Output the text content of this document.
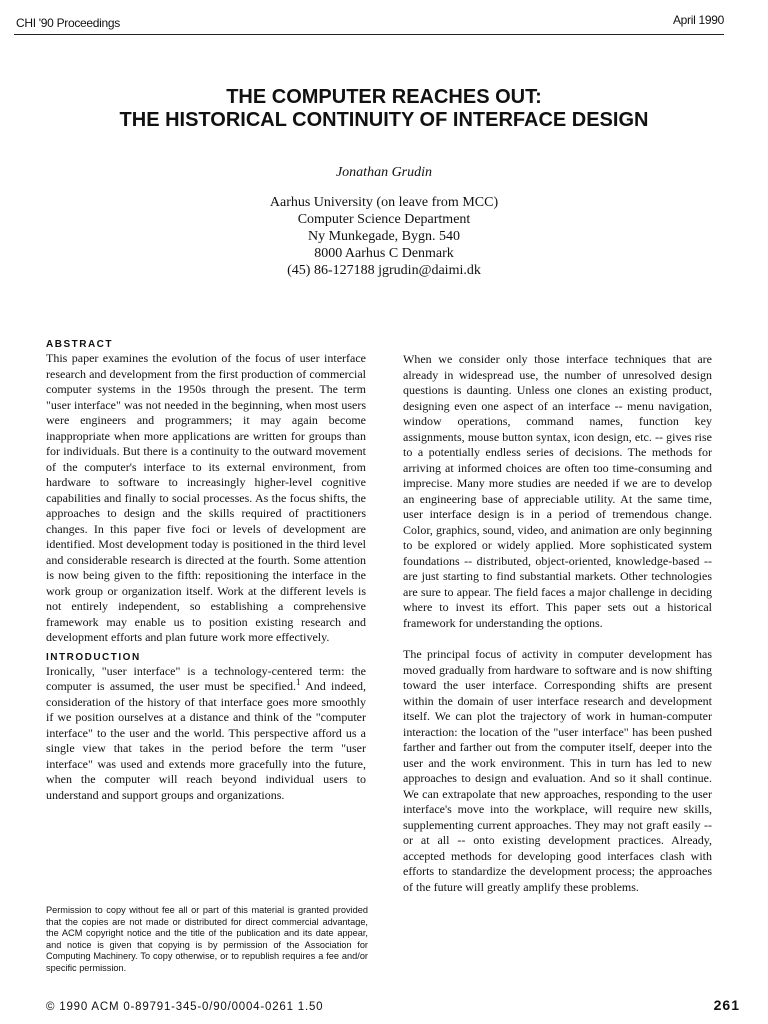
CHI '90 Proceedings	April 1990
THE COMPUTER REACHES OUT:
THE HISTORICAL CONTINUITY OF INTERFACE DESIGN
Jonathan Grudin
Aarhus University (on leave from MCC)
Computer Science Department
Ny Munkegade, Bygn. 540
8000 Aarhus C Denmark
(45) 86-127188 jgrudin@daimi.dk
ABSTRACT

This paper examines the evolution of the focus of user interface research and development from the first production of commercial computer systems in the 1950s through the present. The term "user interface" was not needed in the beginning, when most users were engineers and programmers; it may again become inappropriate when more applications are written for groups than for individuals. But there is a continuity to the outward movement of the computer's interface to its external environment, from hardware to software to increasingly higher-level cognitive capabilities and finally to social processes. As the focus shifts, the approaches to design and the skills required of practitioners changes. In this paper five foci or levels of development are identified. Most development today is positioned in the third level and considerable research is directed at the fourth. Some attention is now being given to the fifth: repositioning the interface in the work group or organization itself. Work at the different levels is not entirely independent, so establishing a comprehensive framework may enable us to position existing research and development efforts and plan future work more effectively.

INTRODUCTION

Ironically, "user interface" is a technology-centered term: the computer is assumed, the user must be specified.$^1$ And indeed, consideration of the history of that interface goes more smoothly if we position ourselves at a distance and think of the "computer interface" to the user and the world. This perspective afford us a single view that takes in the period before the term "user interface" was used and extends more gracefully into the future, when the computer will reach beyond individual users to understand and support groups and organizations.

When we consider only those interface techniques that are already in widespread use, the number of unresolved design questions is daunting. Unless one clones an existing product, designing even one aspect of an interface -- menu navigation, window operations, command names, function key assignments, mouse button syntax, icon design, etc. -- gives rise to a potentially endless series of decisions. The methods for arriving at informed choices are often too time-consuming and imprecise. Many more studies are needed if we are to develop an engineering base of appreciable utility. At the same time, user interface design is in a period of tremendous change. Color, graphics, sound, video, and animation are only beginning to be explored or widely applied. More sophisticated system foundations -- distributed, object-oriented, knowledge-based -- are just starting to find substantial markets. Other technologies are sure to appear. The field faces a major challenge in deciding where to invest its effort. This paper sets out a historical framework for understanding the options.

The principal focus of activity in computer development has moved gradually from hardware to software and is now shifting toward the user interface. Corresponding shifts are present within the domain of user interface research and development itself. We can plot the trajectory of work in human-computer interaction: the location of the "user interface" has been pushed farther and farther out from the computer itself, deeper into the user and the work environment. This in turn has led to new approaches to design and evaluation. And so it shall continue. We can extrapolate that new approaches, responding to the user interface's move into the workplace, will require new skills, supplementing current approaches. They may not graft easily -- or at all -- onto existing development practices. Already, accepted methods for developing good interfaces clash with efforts to standardize the development process; the approaches of the future will greatly amplify these problems.

Permission to copy without fee all or part of this material is granted provided that the copies are not made or distributed for direct commercial advantage, the ACM copyright notice and the title of the publication and its date appear, and notice is given that copying is by permission of the Association for Computing Machinery. To copy otherwise, or to republish requires a fee and/or specific permission.
© 1990 ACM 0-89791-345-0/90/0004-0261 1.50	261
